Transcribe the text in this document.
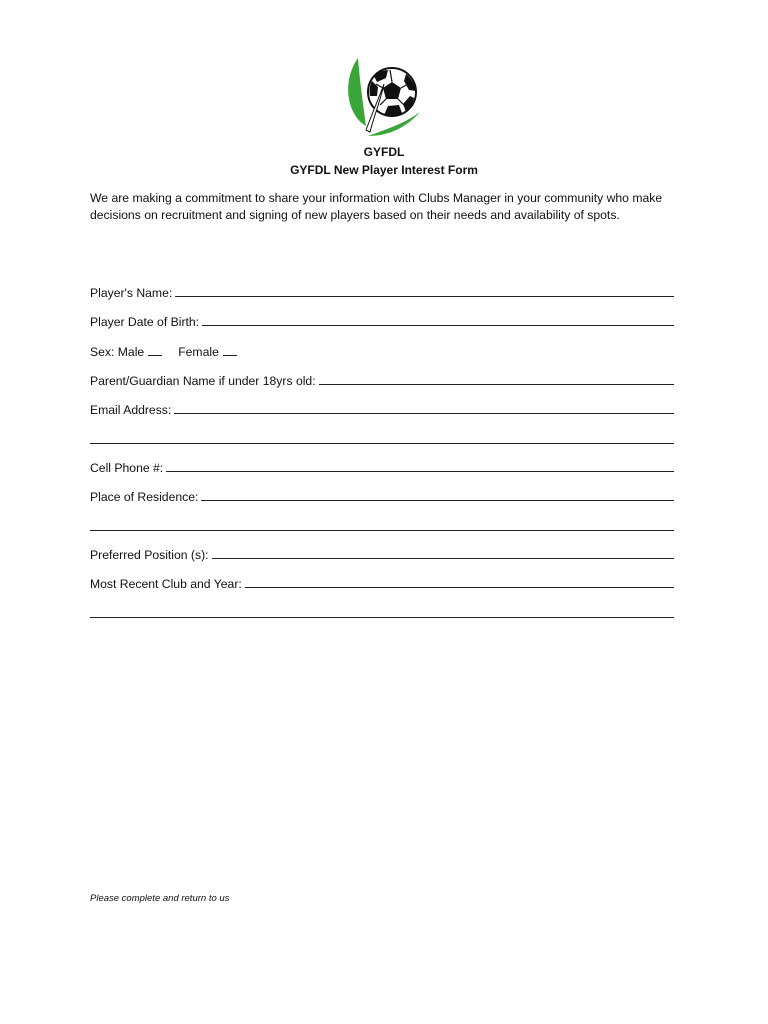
GYFDL
GYFDL New Player Interest Form
We are making a commitment to share your information with Clubs Manager in your community who make decisions on recruitment and signing of new players based on their needs and availability of spots.
Player's Name:
Player Date of Birth:
Sex: Male	Female
Parent/Guardian Name if under 18yrs old:
Email Address:
Cell Phone #:
Place of Residence:
Preferred Position (s):
Most Recent Club and Year:
Please complete and return to us
